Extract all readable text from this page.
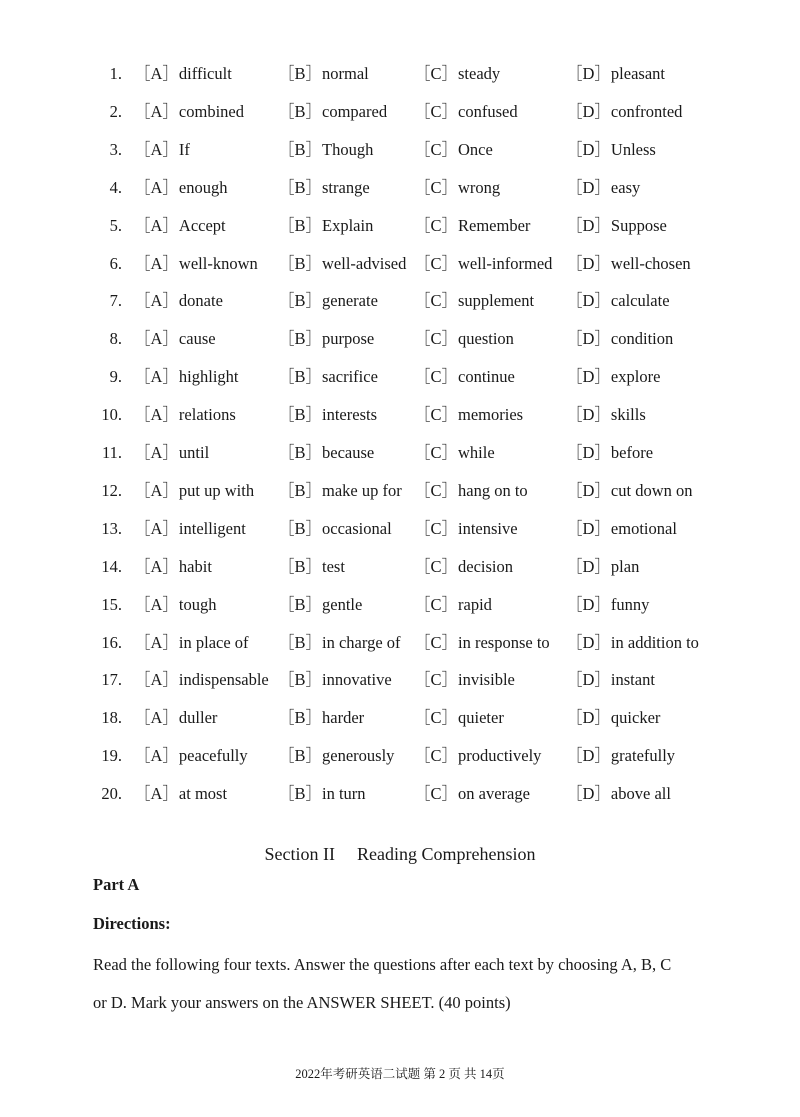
1. ［A］difficult	［B］normal	［C］steady	［D］pleasant
2. ［A］combined ［B］compared ［C］confused	［D］confronted
3. ［A］If	［B］Though ［C］Once	［D］Unless
4. ［A］enough	［B］strange	［C］wrong	［D］easy
5. ［A］Accept	［B］Explain ［C］Remember ［D］Suppose
6. ［A］well-known ［B］well-advised ［C］well-informed ［D］well-chosen
7. ［A］donate	［B］generate ［C］supplement ［D］calculate
8. ［A］cause	［B］purpose ［C］question	［D］condition
9. ［A］highlight ［B］sacrifice ［C］continue	［D］explore
10. ［A］relations	［B］interests ［C］memories	［D］skills
11. ［A］until	［B］because ［C］while	［D］before
12. ［A］put up with ［B］make up for ［C］hang on to ［D］cut down on
13. ［A］intelligent ［B］occasional ［C］intensive	［D］emotional
14. ［A］habit	［B］test	［C］decision	［D］plan
15. ［A］tough	［B］gentle	［C］rapid	［D］funny
16. ［A］in place of ［B］in charge of ［C］in response to ［D］in addition to
17. ［A］indispensable ［B］innovative ［C］invisible	［D］instant
18. ［A］duller	［B］harder	［C］quieter	［D］quicker
19. ［A］peacefully ［B］generously ［C］productively ［D］gratefully
20. ［A］at most	［B］in turn	［C］on average ［D］above all
Section II Reading Comprehension
Part A
Directions:
Read the following four texts. Answer the questions after each text by choosing A, B, C
or D. Mark your answers on the ANSWER SHEET. (40 points)
2022年考研英语二试题 第 2 页 共 14页
